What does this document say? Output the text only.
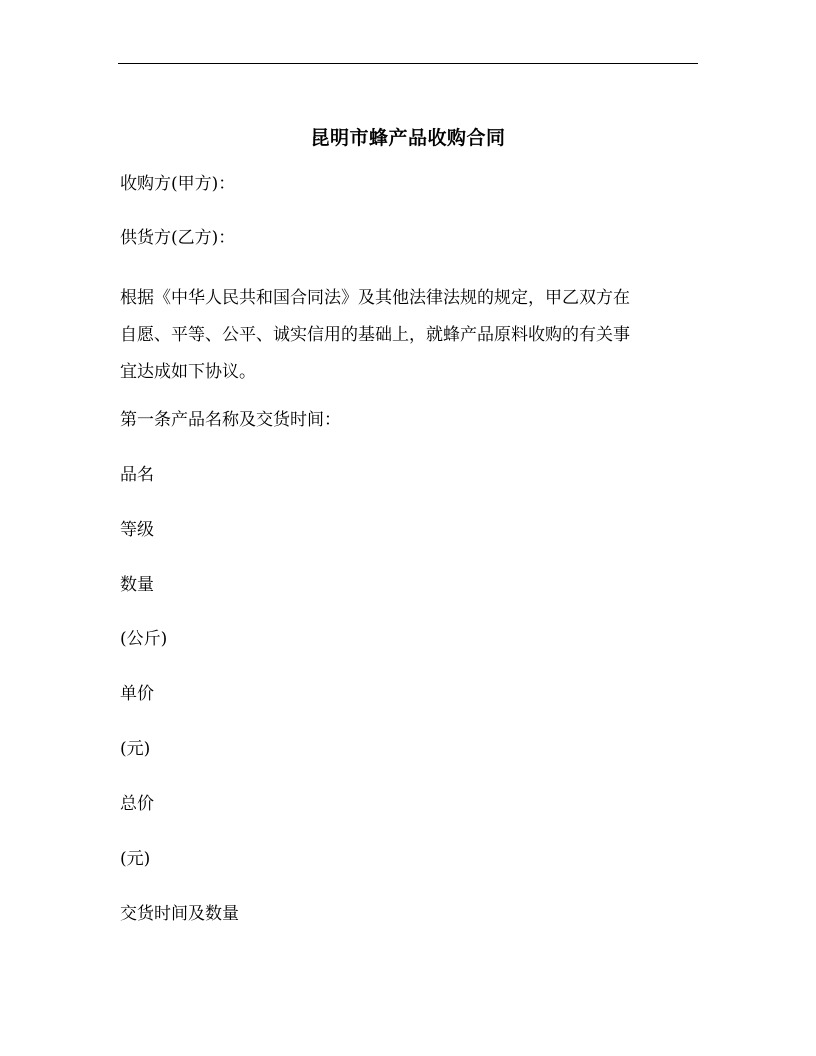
昆明市蜂产品收购合同
收购方(甲方)：
供货方(乙方)：
根据《中华人民共和国合同法》及其他法律法规的规定，甲乙双方在
自愿、平等、公平、诚实信用的基础上，就蜂产品原料收购的有关事
宜达成如下协议。
第一条产品名称及交货时间：
品名
等级
数量
(公斤)
单价
(元)
总价
(元)
交货时间及数量
